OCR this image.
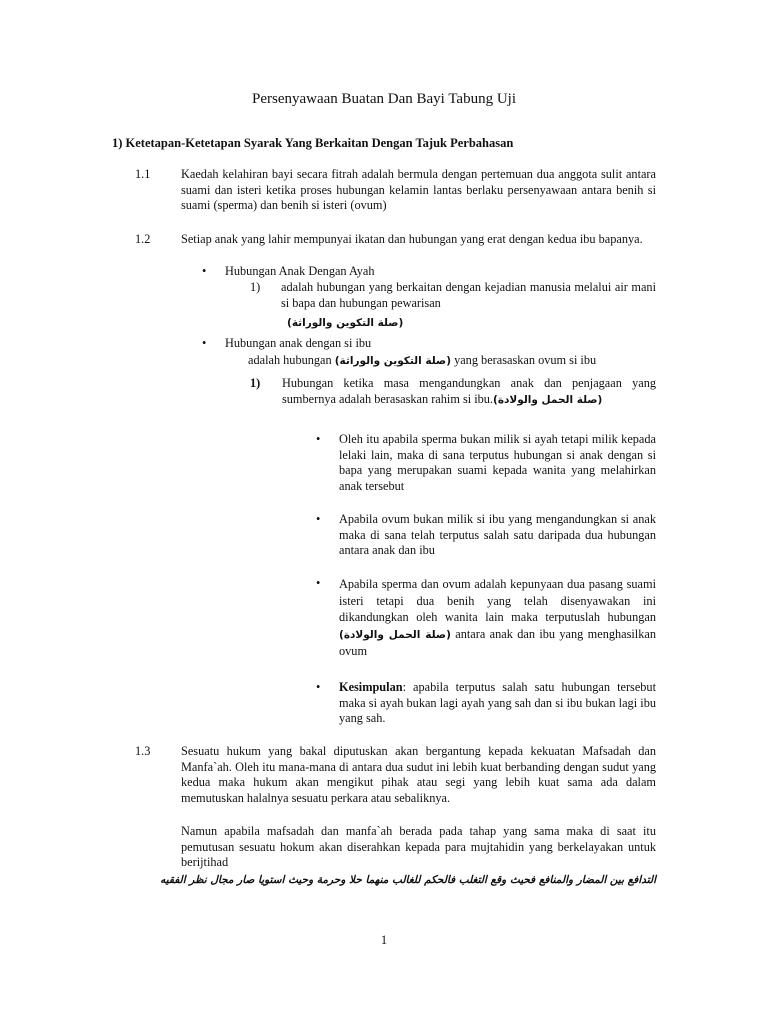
Persenyawaan Buatan Dan Bayi Tabung Uji
1) Ketetapan-Ketetapan Syarak Yang Berkaitan Dengan Tajuk Perbahasan
1.1 Kaedah kelahiran bayi secara fitrah adalah bermula dengan pertemuan dua anggota sulit antara suami dan isteri ketika proses hubungan kelamin lantas berlaku persenyawaan antara benih si suami (sperma) dan benih si isteri (ovum)
1.2 Setiap anak yang lahir mempunyai ikatan dan hubungan yang erat dengan kedua ibu bapanya.
•	Hubungan Anak Dengan Ayah
1) adalah hubungan yang berkaitan dengan kejadian manusia melalui air mani si bapa dan hubungan pewarisan
(صلة التكوين والوراثة)
•	Hubungan anak dengan si ibu
adalah hubungan (صلة التكوين والوراثة) yang berasaskan ovum si ibu
1) Hubungan ketika masa mengandungkan anak dan penjagaan yang sumbernya adalah berasaskan rahim si ibu.(صلة الحمل والولادة)
•	Oleh itu apabila sperma bukan milik si ayah tetapi milik kepada lelaki lain, maka di sana terputus hubungan si anak dengan si bapa yang merupakan suami kepada wanita yang melahirkan anak tersebut
•	Apabila ovum bukan milik si ibu yang mengandungkan si anak maka di sana telah terputus salah satu daripada dua hubungan antara anak dan ibu
•	Apabila sperma dan ovum adalah kepunyaan dua pasang suami isteri tetapi dua benih yang telah disenyawakan ini dikandungkan oleh wanita lain maka terputuslah hubungan (صلة الحمل والولادة) antara anak dan ibu yang menghasilkan ovum
•	Kesimpulan: apabila terputus salah satu hubungan tersebut maka si ayah bukan lagi ayah yang sah dan si ibu bukan lagi ibu yang sah.
1.3 Sesuatu hukum yang bakal diputuskan akan bergantung kepada kekuatan Mafsadah dan Manfa`ah. Oleh itu mana-mana di antara dua sudut ini lebih kuat berbanding dengan sudut yang kedua maka hukum akan mengikut pihak atau segi yang lebih kuat sama ada dalam memutuskan halalnya sesuatu perkara atau sebaliknya.
Namun apabila mafsadah dan manfa`ah berada pada tahap yang sama maka di saat itu pemutusan sesuatu hokum akan diserahkan kepada para mujtahidin yang berkelayakan untuk berijtihad
التدافع بين المضار والمنافع فحيث وقع التغلب فالحكم للغالب منهما حلا وحرمة وحيث استويا صار مجال نظر الفقيه
1
